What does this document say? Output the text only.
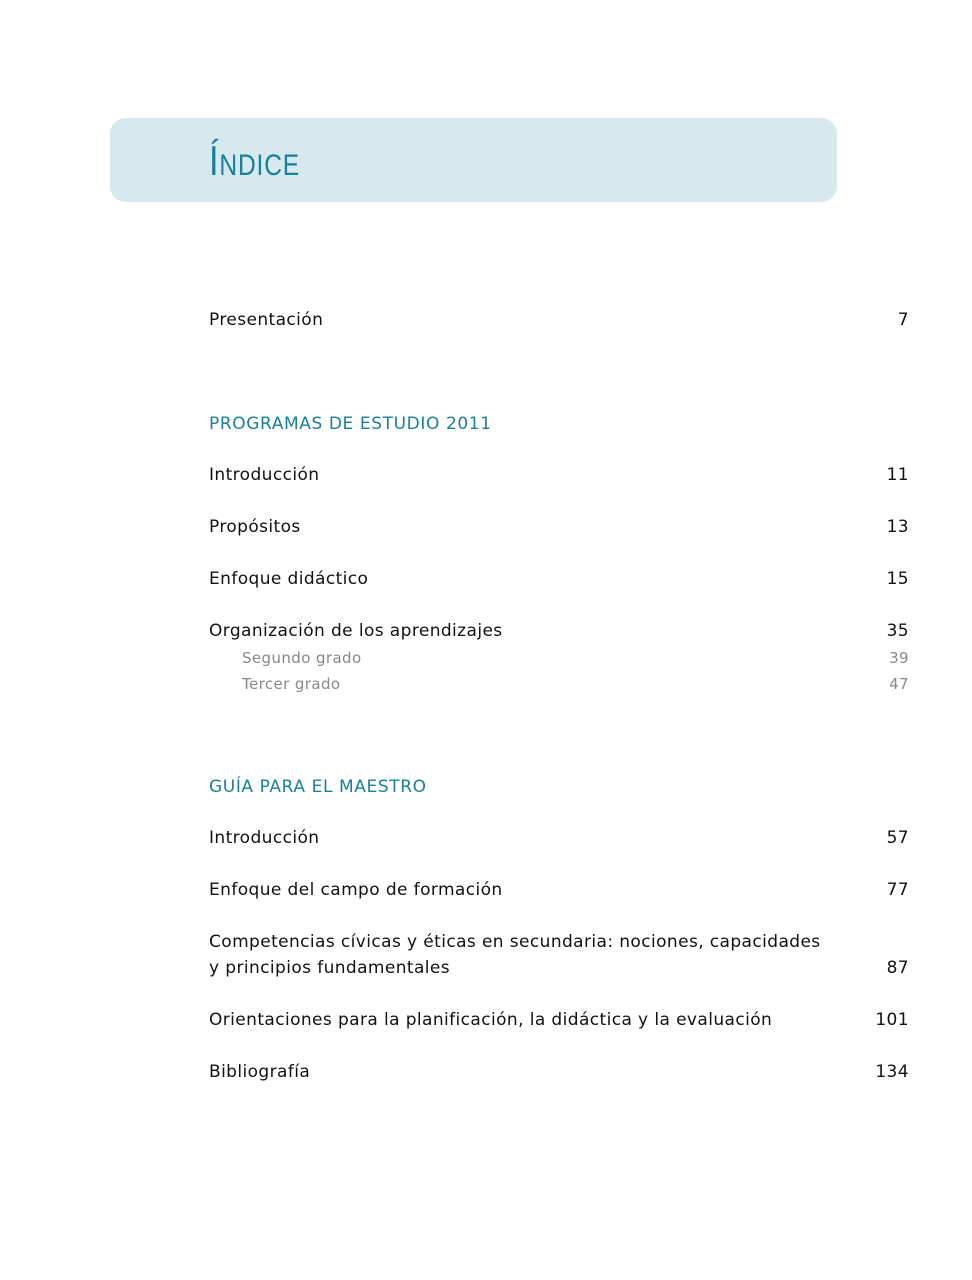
ÍNDICE
Presentación	7
PROGRAMAS DE ESTUDIO 2011
Introducción	11
Propósitos	13
Enfoque didáctico	15
Organización de los aprendizajes	35
Segundo grado	39
Tercer grado	47
GUÍA PARA EL MAESTRO
Introducción	57
Enfoque del campo de formación	77
Competencias cívicas y éticas en secundaria: nociones, capacidades
y principios fundamentales	87
Orientaciones para la planificación, la didáctica y la evaluación	101
Bibliografía	134
